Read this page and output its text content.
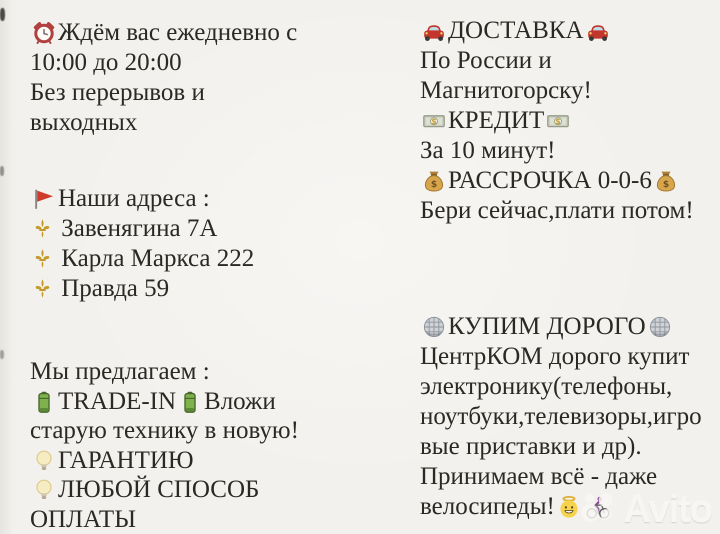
Ждём вас ежедневно с
10:00 до 20:00
Без перерывов и
выходных
Наши адреса :
Завенягина 7А
Карла Маркса 222
Правда 59
Мы предлагаем :
TRADE-IN Вложи
старую технику в новую!
ГАРАНТИЮ
ЛЮБОЙ СПОСОБ
ОПЛАТЫ
ДОСТАВКА
По России и
Магнитогорску!
$ КРЕДИТ $
За 10 минут!
$ РАССРОЧКА 0-0-6 $
Бери сейчас,плати потом!
КУПИМ ДОРОГО
ЦентрКОМ дорого купит
электронику(телефоны,
ноутбуки,телевизоры,игро
вые приставки и др).
Принимаем всё - даже
велосипеды!	Avito
